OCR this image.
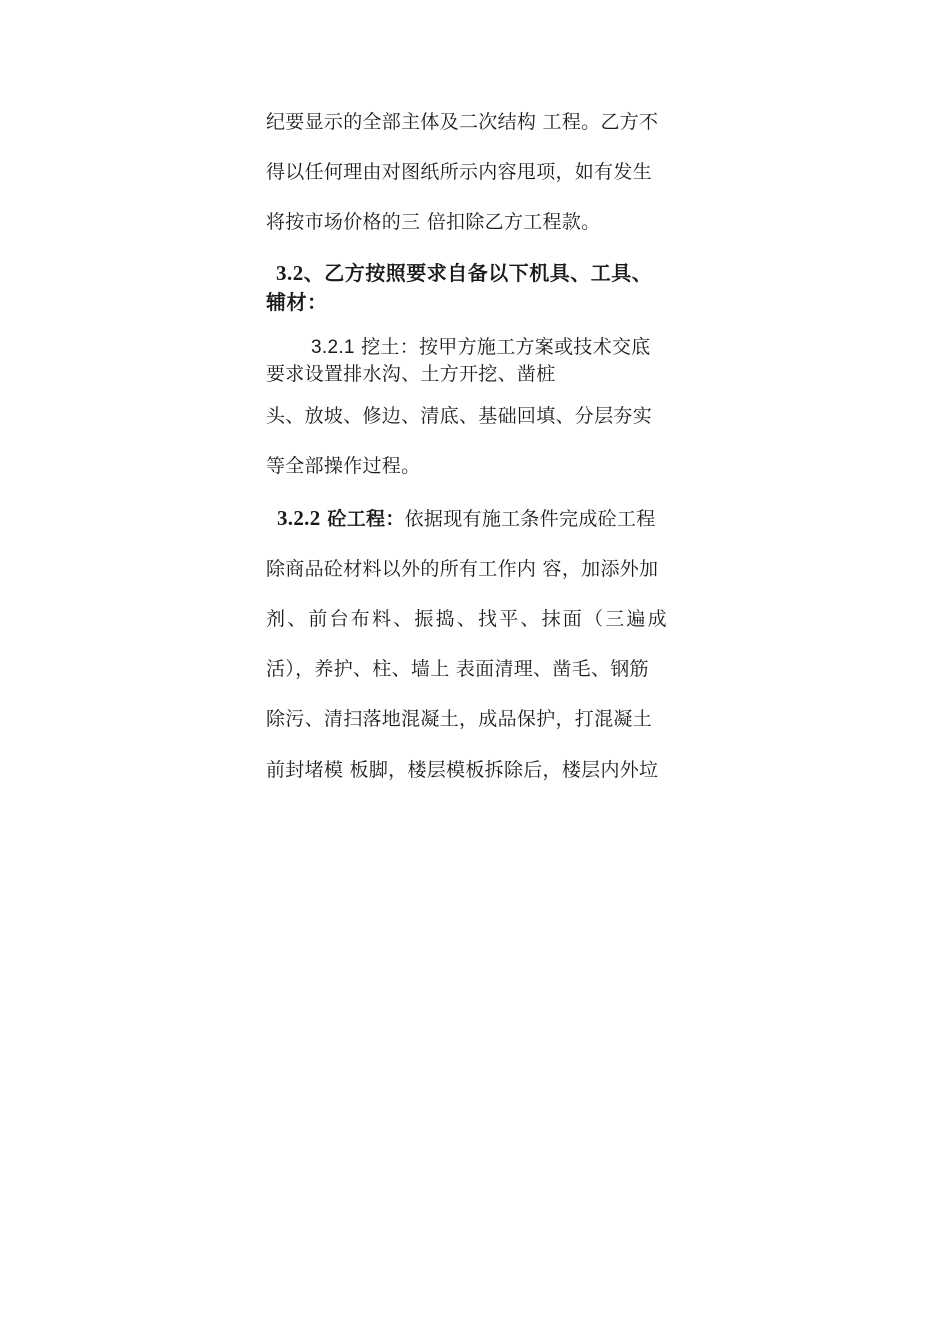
纪要显示的全部主体及二次结构 工程。乙方不
得以任何理由对图纸所示内容甩项，如有发生
将按市场价格的三 倍扣除乙方工程款。
3.2、乙方按照要求自备以下机具、工具、
辅材：
3.2.1 挖土：按甲方施工方案或技术交底
要求设置排水沟、土方开挖、凿桩
头、放坡、修边、清底、基础回填、分层夯实
等全部操作过程。
3.2.2 砼工程：依据现有施工条件完成砼工程
除商品砼材料以外的所有工作内 容，加添外加
剂、前台布料、振捣、找平、抹面（三遍成
活），养护、柱、墙上 表面清理、凿毛、钢筋
除污、清扫落地混凝土，成品保护，打混凝土
前封堵模 板脚，楼层模板拆除后，楼层内外垃
